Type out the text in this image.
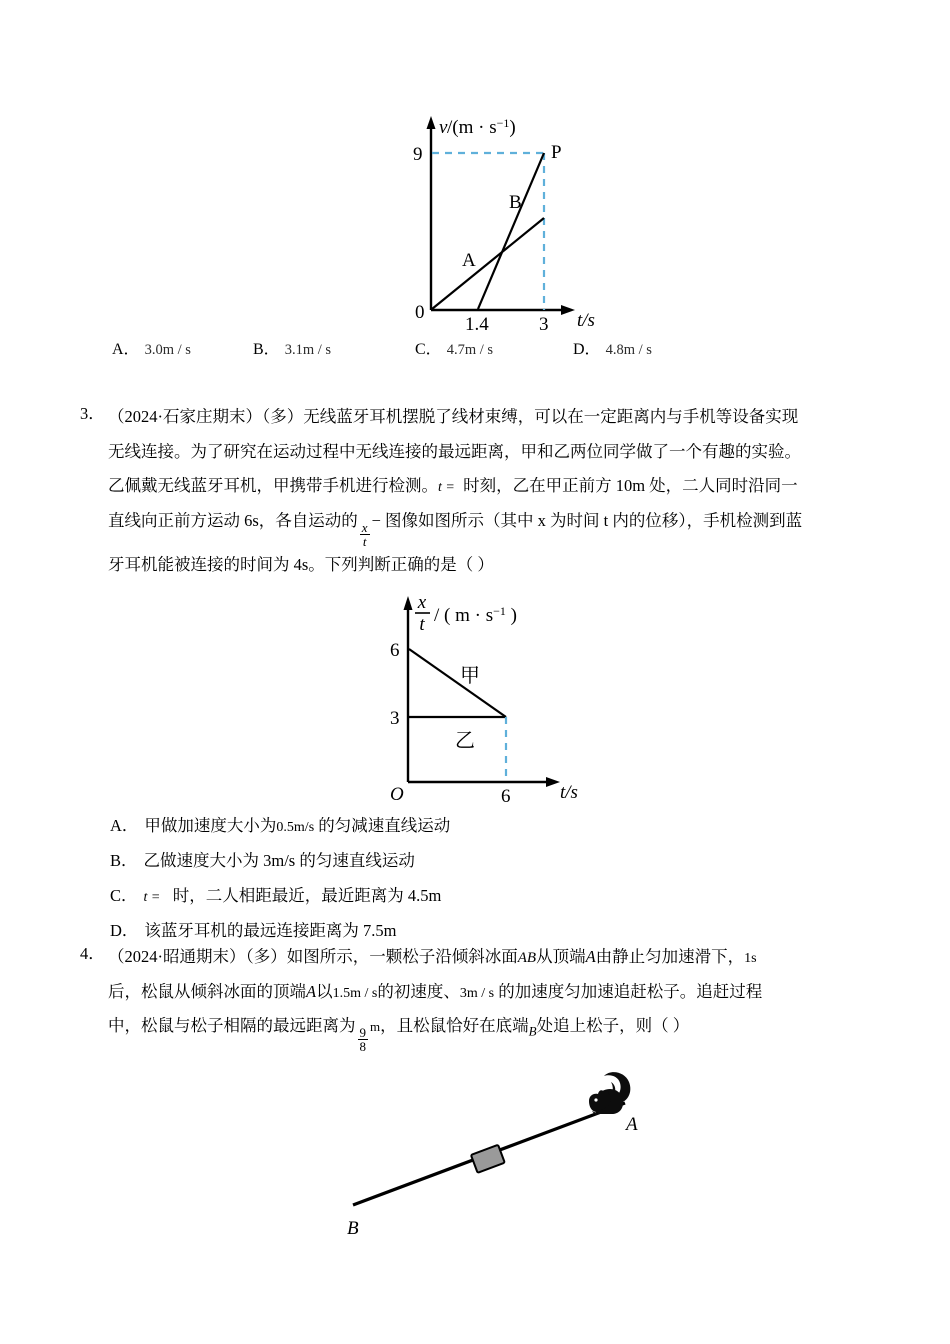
v $/(m \cdot s^{-1})$
9
0
1.4	3 t/s
A
B
P
A． 3.0m / s	B． 3.1m / s	C． 4.7m / s	D． 4.8m / s
3． （2024·石家庄期末）（多）无线蓝牙耳机摆脱了线材束缚，可以在一定距离内与手机等设备实现
无线连接。为了研究在运动过程中无线连接的最远距离，甲和乙两位同学做了一个有趣的实验。
乙佩戴无线蓝牙耳机，甲携带手机进行检测。t = 时刻，乙在甲正前方 10m 处，二人同时沿同一
直线向正前方运动 6s，各自运动的
$\frac{x}{t}$
− 图像如图所示（其中 x 为时间 t 内的位移），手机检测到蓝
牙耳机能被连接的时间为 4s。下列判断正确的是（ ）
x
t / ( $m \cdot s^{-1}$ )
6
3
O	6	t/s
甲
乙
A． 甲做加速度大小为0.5m/s 的匀减速直线运动
B． 乙做速度大小为 3m/s 的匀速直线运动
C． t = 时，二人相距最近，最近距离为 4.5m
D． 该蓝牙耳机的最远连接距离为 7.5m
4． （2024·昭通期末）（多）如图所示，一颗松子沿倾斜冰面AB从顶端A由静止匀加速滑下，1s
后，松鼠从倾斜冰面的顶端A以1.5m / s的初速度、3m / s 的加速度匀加速追赶松子。追赶过程
中，松鼠与松子相隔的最远距离为
$\frac{9}{8}$ m，且松鼠恰好在底端$_B$处追上松子，则（ ）
A
B
